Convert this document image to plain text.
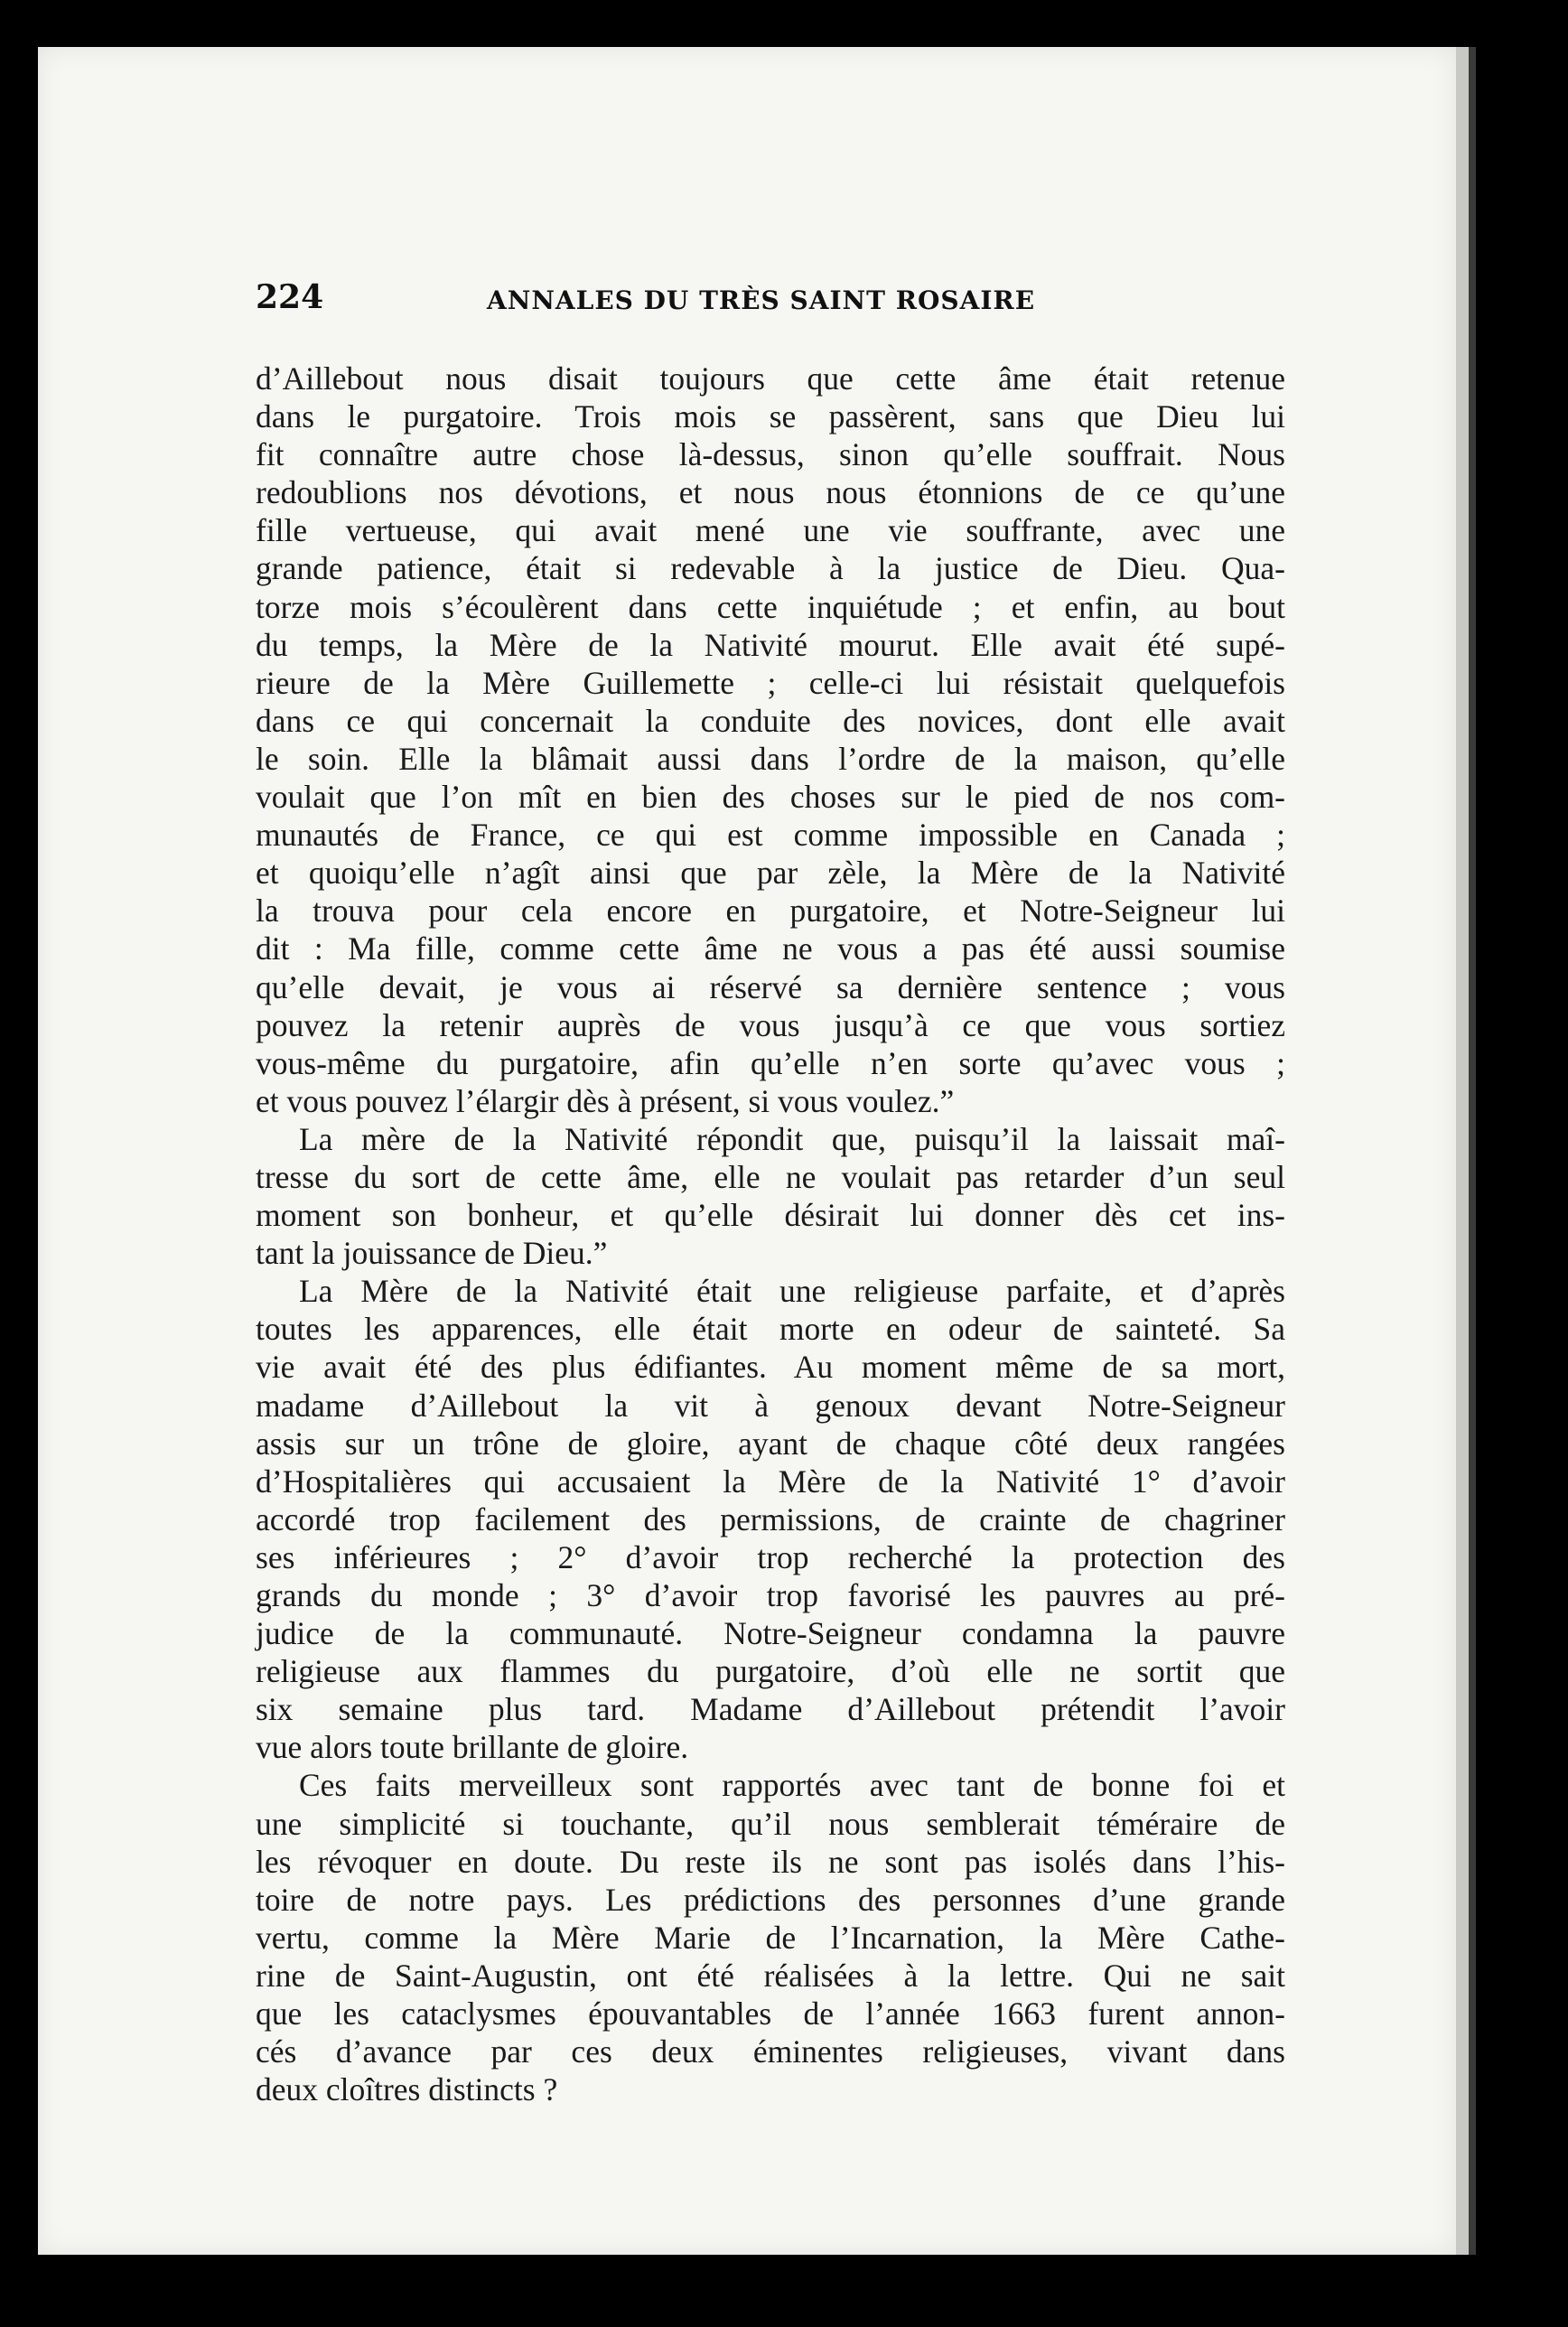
224	ANNALES DU TRÈS SAINT ROSAIRE
d’Aillebout nous disait toujours que cette âme était retenue
dans le purgatoire. Trois mois se passèrent, sans que Dieu lui
fit connaître autre chose là-dessus, sinon qu’elle souffrait. Nous
redoublions nos dévotions, et nous nous étonnions de ce qu’une
fille vertueuse, qui avait mené une vie souffrante, avec une
grande patience, était si redevable à la justice de Dieu. Qua-
torze mois s’écoulèrent dans cette inquiétude ; et enfin, au bout
du temps, la Mère de la Nativité mourut. Elle avait été supé-
rieure de la Mère Guillemette ; celle-ci lui résistait quelquefois
dans ce qui concernait la conduite des novices, dont elle avait
le soin. Elle la blâmait aussi dans l’ordre de la maison, qu’elle
voulait que l’on mît en bien des choses sur le pied de nos com-
munautés de France, ce qui est comme impossible en Canada ;
et quoiqu’elle n’agît ainsi que par zèle, la Mère de la Nativité
la trouva pour cela encore en purgatoire, et Notre-Seigneur lui
dit : Ma fille, comme cette âme ne vous a pas été aussi soumise
qu’elle devait, je vous ai réservé sa dernière sentence ; vous
pouvez la retenir auprès de vous jusqu’à ce que vous sortiez
vous-même du purgatoire, afin qu’elle n’en sorte qu’avec vous ;
et vous pouvez l’élargir dès à présent, si vous voulez.”
La mère de la Nativité répondit que, puisqu’il la laissait maî-
tresse du sort de cette âme, elle ne voulait pas retarder d’un seul
moment son bonheur, et qu’elle désirait lui donner dès cet ins-
tant la jouissance de Dieu.”
La Mère de la Nativité était une religieuse parfaite, et d’après
toutes les apparences, elle était morte en odeur de sainteté. Sa
vie avait été des plus édifiantes. Au moment même de sa mort,
madame d’Aillebout la vit à genoux devant Notre-Seigneur
assis sur un trône de gloire, ayant de chaque côté deux rangées
d’Hospitalières qui accusaient la Mère de la Nativité 1° d’avoir
accordé trop facilement des permissions, de crainte de chagriner
ses inférieures ; 2° d’avoir trop recherché la protection des
grands du monde ; 3° d’avoir trop favorisé les pauvres au pré-
judice de la communauté. Notre-Seigneur condamna la pauvre
religieuse aux flammes du purgatoire, d’où elle ne sortit que
six semaine plus tard. Madame d’Aillebout prétendit l’avoir
vue alors toute brillante de gloire.
Ces faits merveilleux sont rapportés avec tant de bonne foi et
une simplicité si touchante, qu’il nous semblerait téméraire de
les révoquer en doute. Du reste ils ne sont pas isolés dans l’his-
toire de notre pays. Les prédictions des personnes d’une grande
vertu, comme la Mère Marie de l’Incarnation, la Mère Cathe-
rine de Saint-Augustin, ont été réalisées à la lettre. Qui ne sait
que les cataclysmes épouvantables de l’année 1663 furent annon-
cés d’avance par ces deux éminentes religieuses, vivant dans
deux cloîtres distincts ?
